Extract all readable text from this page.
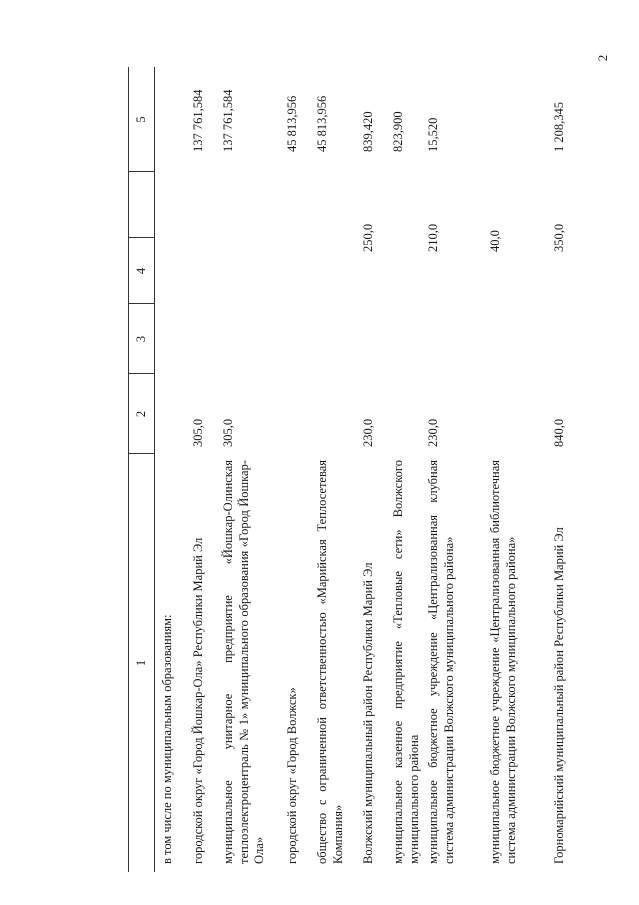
2
1
2
3
4
5
в том числе по муниципальным образованиям: городской округ «Город Йошкар-Ола» Республики Марий Эл
305,0
137 761,584
муниципальное унитарное предприятие «Йошкар-Олинская теплоэлектроцентраль № 1» муниципального образования «Город Йошкар-Ола»
305,0
137 761,584
городской округ «Город Волжск»
45 813,956
общество с ограниченной ответственностью «Марийская Теплосетевая Компания»
45 813,956
Волжский муниципальный район Республики Марий Эл
230,0
250,0
839,420
муниципальное казенное предприятие «Тепловые сети» Волжского муниципального района
823,900
муниципальное бюджетное учреждение «Централизованная клубная система администрации Волжского муниципального района»
230,0
210,0
15,520
муниципальное бюджетное учреждение «Централизованная библиотечная система администрации Волжского муниципального района»
40,0
Горномарийский муниципальный район Республики Марий Эл
840,0
350,0
1 208,345
